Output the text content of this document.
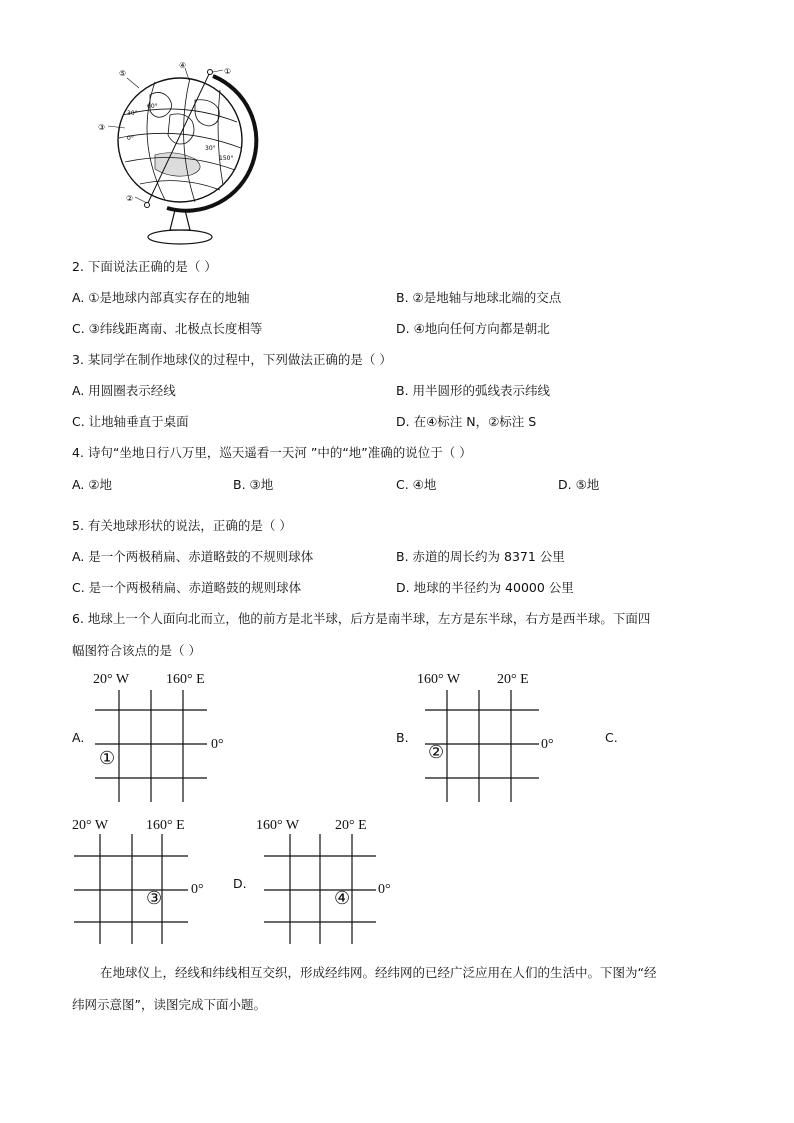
⑤
④
①
③
②
30°
60°
0°
30°
150°
2. 下面说法正确的是（ ）
A. ①是地球内部真实存在的地轴	B. ②是地轴与地球北端的交点
C. ③纬线距离南、北极点长度相等	D. ④地向任何方向都是朝北
3. 某同学在制作地球仪的过程中，下列做法正确的是（ ）
A. 用圆圈表示经线	B. 用半圆形的弧线表示纬线
C. 让地轴垂直于桌面	D. 在④标注 N，②标注 S
4. 诗句“坐地日行八万里，巡天遥看一天河 ”中的“地”准确的说位于（ ）
A. ②地	B. ③地	C. ④地	D. ⑤地
5. 有关地球形状的说法，正确的是（ ）
A. 是一个两极稍扁、赤道略鼓的不规则球体	B. 赤道的周长约为 8371 公里
C. 是一个两极稍扁、赤道略鼓的规则球体	D. 地球的半径约为 40000 公里
6. 地球上一个人面向北而立，他的前方是北半球，后方是南半球，左方是东半球，右方是西半球。下面四
幅图符合该点的是（ ）
A.
20° W	160° E
0°
①
B.
160° W	20° E
0°
②
C.
20° W	160° E
0°
③
D.
160° W	20° E
0°
④
在地球仪上，经线和纬线相互交织，形成经纬网。经纬网的已经广泛应用在人们的生活中。下图为“经
纬网示意图”，读图完成下面小题。
